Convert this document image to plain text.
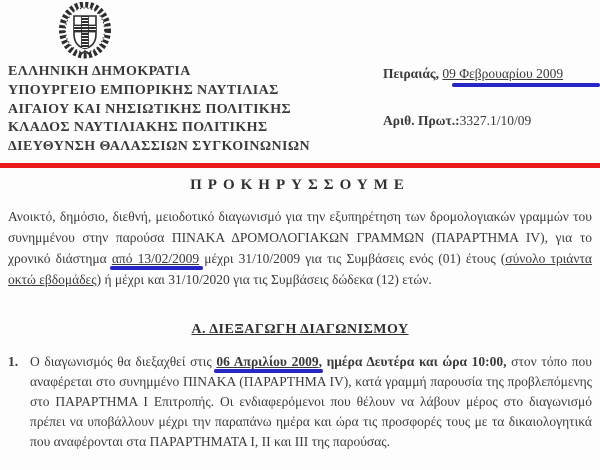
ΕΛΛΗΝΙΚΗ ΔΗΜΟΚΡΑΤΙΑ
ΥΠΟΥΡΓΕΙΟ ΕΜΠΟΡΙΚΗΣ ΝΑΥΤΙΛΙΑΣ
ΑΙΓΑΙΟΥ ΚΑΙ ΝΗΣΙΩΤΙΚΗΣ ΠΟΛΙΤΙΚΗΣ
ΚΛΑΔΟΣ ΝΑΥΤΙΛΙΑΚΗΣ ΠΟΛΙΤΙΚΗΣ
ΔΙΕΥΘΥΝΣΗ ΘΑΛΑΣΣΙΩΝ ΣΥΓΚΟΙΝΩΝΙΩΝ
Πειραιάς, 09 Φεβρουαρίου 2009
Αριθ. Πρωτ.:3327.1/10/09
ΠΡΟΚΗΡΥΣΣΟΥΜΕ
Ανοικτό, δημόσιο, διεθνή, μειοδοτικό διαγωνισμό για την εξυπηρέτηση των δρομολογιακών γραμμών του συνημμένου στην παρούσα ΠΙΝΑΚΑ ΔΡΟΜΟΛΟΓΙΑΚΩΝ ΓΡΑΜΜΩΝ (ΠΑΡΑΡΤΗΜΑ IV), για το χρονικό διάστημα από 13/02/2009 μέχρι 31/10/2009 για τις Συμβάσεις ενός (01) έτους (σύνολο τριάντα οκτώ εβδομάδες) ή μέχρι και 31/10/2020 για τις Συμβάσεις δώδεκα (12) ετών.
Α. ΔΙΕΞΑΓΩΓΗ ΔΙΑΓΩΝΙΣΜΟΥ
1. Ο διαγωνισμός θα διεξαχθεί στις 06 Απριλίου 2009, ημέρα Δευτέρα και ώρα 10:00, στον τόπο που αναφέρεται στο συνημμένο ΠΙΝΑΚΑ (ΠΑΡΑΡΤΗΜΑ IV), κατά γραμμή παρουσία της προβλεπόμενης στο ΠΑΡΑΡΤΗΜΑ Ι Επιτροπής. Οι ενδιαφερόμενοι που θέλουν να λάβουν μέρος στο διαγωνισμό πρέπει να υποβάλλουν μέχρι την παραπάνω ημέρα και ώρα τις προσφορές τους με τα δικαιολογητικά που αναφέρονται στα ΠΑΡΑΡΤΗΜΑΤΑ Ι, ΙΙ και ΙΙΙ της παρούσας.
